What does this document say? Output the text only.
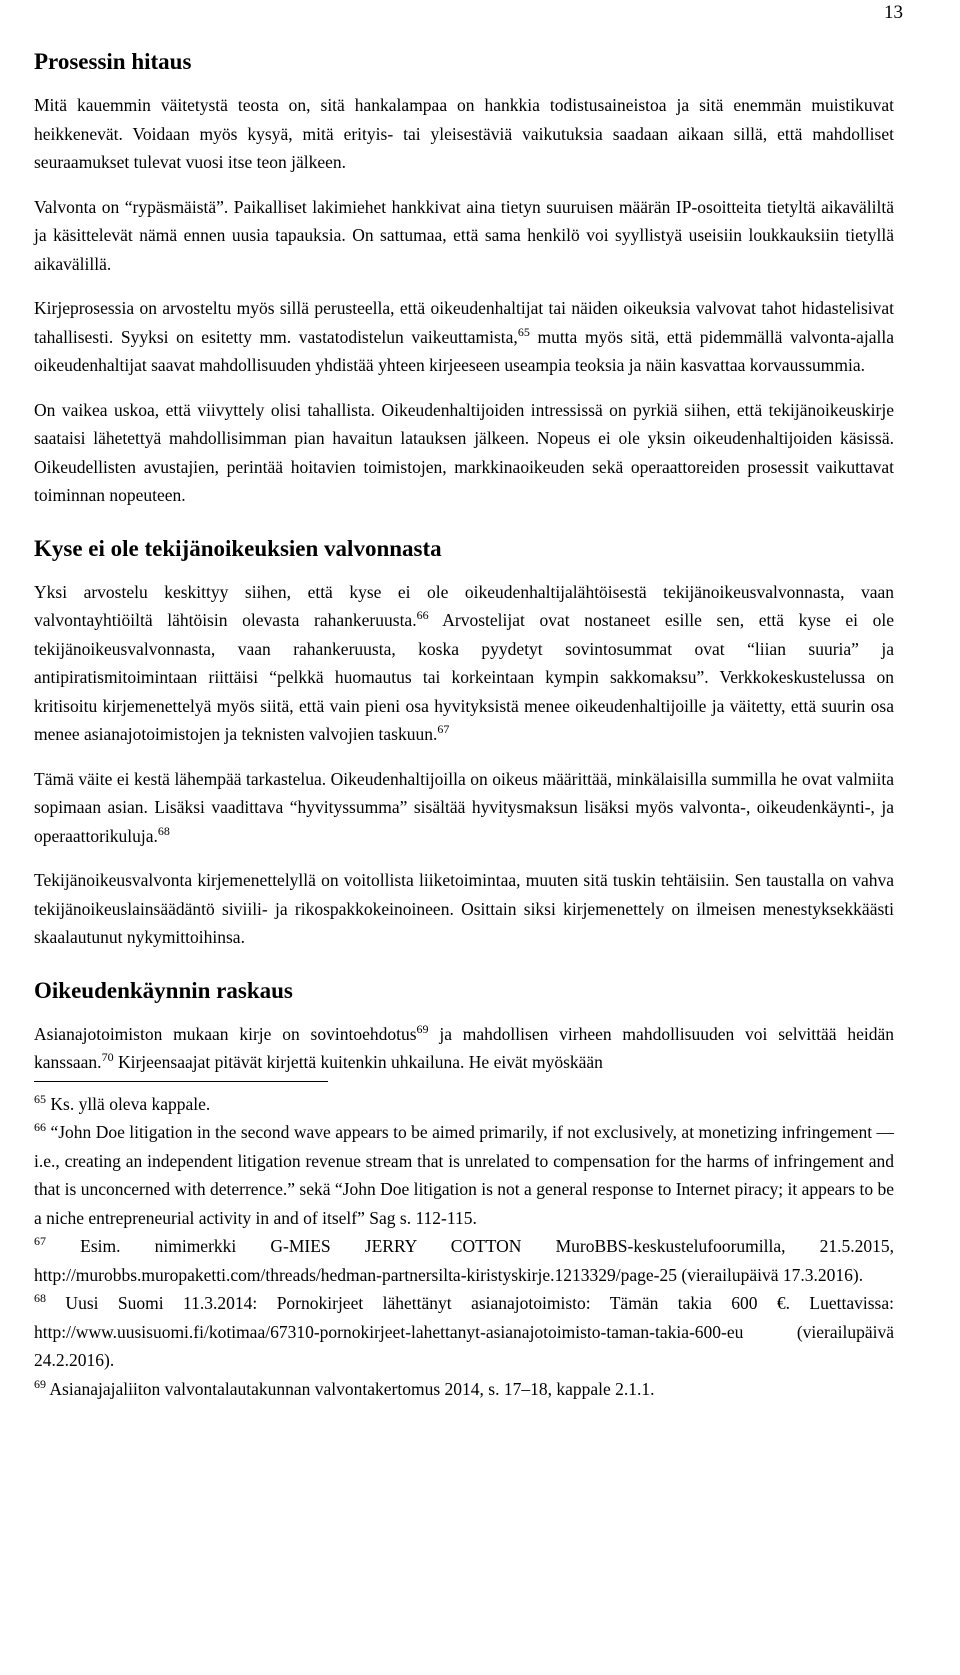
13
Prosessin hitaus

Mitä kauemmin väitetystä teosta on, sitä hankalampaa on hankkia todistusaineistoa ja sitä enemmän muistikuvat heikkenevät. Voidaan myös kysyä, mitä erityis- tai yleisestäviä vaikutuksia saadaan aikaan sillä, että mahdolliset seuraamukset tulevat vuosi itse teon jälkeen.

Valvonta on “rypäsmäistä”. Paikalliset lakimiehet hankkivat aina tietyn suuruisen määrän IP-osoitteita tietyltä aikaväliltä ja käsittelevät nämä ennen uusia tapauksia. On sattumaa, että sama henkilö voi syyllistyä useisiin loukkauksiin tietyllä aikavälillä.

Kirjeprosessia on arvosteltu myös sillä perusteella, että oikeudenhaltijat tai näiden oikeuksia valvovat tahot hidastelisivat tahallisesti. Syyksi on esitetty mm. vastatodistelun vaikeuttamista,$^{65}$ mutta myös sitä, että pidemmällä valvonta-ajalla oikeudenhaltijat saavat mahdollisuuden yhdistää yhteen kirjeeseen useampia teoksia ja näin kasvattaa korvaussummia.

On vaikea uskoa, että viivyttely olisi tahallista. Oikeudenhaltijoiden intressissä on pyrkiä siihen, että tekijänoikeuskirje saataisi lähetettyä mahdollisimman pian havaitun latauksen jälkeen. Nopeus ei ole yksin oikeudenhaltijoiden käsissä. Oikeudellisten avustajien, perintää hoitavien toimistojen, markkinaoikeuden sekä operaattoreiden prosessit vaikuttavat toiminnan nopeuteen.

Kyse ei ole tekijänoikeuksien valvonnasta

Yksi arvostelu keskittyy siihen, että kyse ei ole oikeudenhaltijalähtöisestä tekijänoikeusvalvonnasta, vaan valvontayhtiöiltä lähtöisin olevasta rahankeruusta.$^{66}$ Arvostelijat ovat nostaneet esille sen, että kyse ei ole tekijänoikeusvalvonnasta, vaan rahankeruusta, koska pyydetyt sovintosummat ovat “liian suuria” ja antipiratismitoimintaan riittäisi “pelkkä huomautus tai korkeintaan kympin sakkomaksu”. Verkkokeskustelussa on kritisoitu kirjemenettelyä myös siitä, että vain pieni osa hyvityksistä menee oikeudenhaltijoille ja väitetty, että suurin osa menee asianajotoimistojen ja teknisten valvojien taskuun.$^{67}$

Tämä väite ei kestä lähempää tarkastelua. Oikeudenhaltijoilla on oikeus määrittää, minkälaisilla summilla he ovat valmiita sopimaan asian. Lisäksi vaadittava “hyvityssumma” sisältää hyvitysmaksun lisäksi myös valvonta-, oikeudenkäynti-, ja operaattorikuluja.$^{68}$

Tekijänoikeusvalvonta kirjemenettelyllä on voitollista liiketoimintaa, muuten sitä tuskin tehtäisiin. Sen taustalla on vahva tekijänoikeuslainsäädäntö siviili- ja rikospakkokeinoineen. Osittain siksi kirjemenettely on ilmeisen menestyksekkäästi skaalautunut nykymittoihinsa.

Oikeudenkäynnin raskaus

Asianajotoimiston mukaan kirje on sovintoehdotus$^{69}$ ja mahdollisen virheen mahdollisuuden voi selvittää heidän kanssaan.$^{70}$ Kirjeensaajat pitävät kirjettä kuitenkin uhkailuna. He eivät myöskään

$^{65}$ Ks. yllä oleva kappale.

$^{66}$ “John Doe litigation in the second wave appears to be aimed primarily, if not exclusively, at monetizing infringement —i.e., creating an independent litigation revenue stream that is unrelated to compensation for the harms of infringement and that is unconcerned with deterrence.” sekä “John Doe litigation is not a general response to Internet piracy; it appears to be a niche entrepreneurial activity in and of itself” Sag s. 112-115.

$^{67}$ Esim. nimimerkki G-MIES JERRY COTTON MuroBBS-keskustelufoorumilla, 21.5.2015, http://murobbs.muropaketti.com/threads/hedman-partnersilta-kiristyskirje.1213329/page-25 (vierailupäivä 17.3.2016).

$^{68}$ Uusi Suomi 11.3.2014: Pornokirjeet lähettänyt asianajotoimisto: Tämän takia 600 €. Luettavissa: http://www.uusisuomi.fi/kotimaa/67310-pornokirjeet-lahettanyt-asianajotoimisto-taman-takia-600-eu (vierailupäivä 24.2.2016).

$^{69}$ Asianajajaliiton valvontalautakunnan valvontakertomus 2014, s. 17–18, kappale 2.1.1.
